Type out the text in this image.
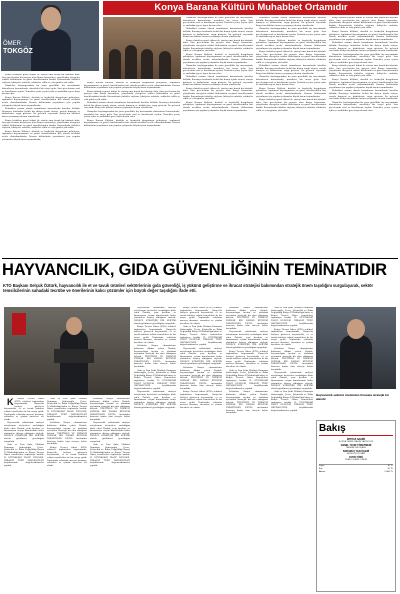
Konya Barana Kültürü Muhabbet Ortamıdır
ÖMER
TOKGÖZ

Konya türküleri genel itibari ile sözsüz ama buruk bir hüzünle dolu. Sıra gecelerinin bir parçası olan Konya baranaları, yüzyıllardır süregelen sohbet kültürünün en güzel örneklerinden biridir. Baranalarda türküler söylenir, hikâyeler anlatılır, sohbetler edilir ve eski günler yâd edilir.

Hizmetler başlangıcından bu yana genellikle kış mevsiminde düzenlenen baranalarda, misafirler bir araya gelir. Sıra gecelerinin usul ve kurallarına uyulur. Yemekler yenir, çaylar içilir ve muhabbet gece boyu devam eder.

Konya Barana Kültürü, dostluk ve kardeşlik duygularını pekiştiren, toplumsal dayanışmanın en güzel örneklerinden biri olarak nesilden nesile aktarılmaktadır. Barana kültürünün yaşatılması için yapılan çalışmalar büyük önem taşımaktadır.

Muhabbet ortamı olarak tanımlanan baranalarda kurallar bellidir. Baranaya katılanlar belirli bir düzen içinde oturur, sırayla konuşur ve birbirlerine saygı gösterir. Bu gelenek sayesinde Konya'nın kültürel mirası yaşamaya devam etmektedir.

Konya türküleri genel itibari ile sözsüz ama buruk bir hüzünle dolu. Sıra gecelerinin bir parçası olan Konya baranaları, yüzyıllardır süregelen sohbet kültürünün en güzel örneklerinden biridir. Baranalarda türküler söylenir, hikâyeler anlatılır, sohbetler edilir ve eski günler yâd edilir.

Konya Barana Kültürü, dostluk ve kardeşlik duygularını pekiştiren, toplumsal dayanışmanın en güzel örneklerinden biri olarak nesilden nesile aktarılmaktadır. Barana kültürünün yaşatılması için yapılan çalışmalar büyük önem taşımaktadır.

Hizmetler başlangıcından bu yana genellikle kış mevsiminde düzenlenen baranalarda, misafirler bir araya gelir. Sıra gecelerinin usul ve kurallarına uyulur. Yemekler yenir, çaylar içilir ve muhabbet gece boyu devam eder.

Muhabbet ortamı olarak tanımlanan baranalarda kurallar bellidir. Baranaya katılanlar belirli bir düzen içinde oturur, sırayla konuşur ve birbirlerine saygı gösterir. Bu gelenek sayesinde Konya'nın kültürel mirası yaşamaya devam etmektedir.

Konya türküleri genel itibari ile sözsüz ama buruk bir hüzünle dolu. Sıra gecelerinin bir parçası olan Konya baranaları, yüzyıllardır süregelen sohbet kültürünün en güzel örneklerinden biridir. Baranalarda türküler söylenir, hikâyeler anlatılır, sohbetler edilir ve eski günler yâd edilir.

Konya Barana Kültürü, dostluk ve kardeşlik duygularını pekiştiren, toplumsal dayanışmanın en güzel örneklerinden biri olarak nesilden nesile aktarılmaktadır. Barana kültürünün yaşatılması için yapılan çalışmalar büyük önem taşımaktadır.

Hizmetler başlangıcından bu yana genellikle kış mevsiminde düzenlenen baranalarda, misafirler bir araya gelir. Sıra gecelerinin usul ve kurallarına uyulur. Yemekler yenir, çaylar içilir ve muhabbet gece boyu devam eder.

Muhabbet ortamı olarak tanımlanan baranalarda kurallar bellidir. Baranaya katılanlar belirli bir düzen içinde oturur, sırayla konuşur ve birbirlerine saygı gösterir. Bu gelenek sayesinde Konya'nın kültürel mirası yaşamaya devam etmektedir.

Konya türküleri genel itibari ile sözsüz ama buruk bir hüzünle dolu. Sıra gecelerinin bir parçası olan Konya baranaları, yüzyıllardır süregelen sohbet kültürünün en güzel örneklerinden biridir. Baranalarda türküler söylenir, hikâyeler anlatılır, sohbetler edilir ve eski günler yâd edilir.

Konya Barana Kültürü, dostluk ve kardeşlik duygularını pekiştiren, toplumsal dayanışmanın en güzel örneklerinden biri olarak nesilden nesile aktarılmaktadır. Barana kültürünün yaşatılması için yapılan çalışmalar büyük önem taşımaktadır.

Konya Barana Kültürü, dostluk ve kardeşlik duygularını pekiştiren, toplumsal dayanışmanın en güzel örneklerinden biri olarak nesilden nesile aktarılmaktadır. Barana kültürünün yaşatılması için yapılan çalışmalar büyük önem taşımaktadır.

Konya türküleri genel itibari ile sözsüz ama buruk bir hüzünle dolu. Sıra gecelerinin bir parçası olan Konya baranaları, yüzyıllardır süregelen sohbet kültürünün en güzel örneklerinden biridir. Baranalarda türküler söylenir, hikâyeler anlatılır, sohbetler edilir ve eski günler yâd edilir.

Muhabbet ortamı olarak tanımlanan baranalarda kurallar bellidir. Baranaya katılanlar belirli bir düzen içinde oturur, sırayla konuşur ve birbirlerine saygı gösterir. Bu gelenek sayesinde Konya'nın kültürel mirası yaşamaya devam etmektedir.

Hizmetler başlangıcından bu yana genellikle kış mevsiminde düzenlenen baranalarda, misafirler bir araya gelir. Sıra gecelerinin usul ve kurallarına uyulur. Yemekler yenir, çaylar içilir ve muhabbet gece boyu devam eder.

Konya Barana Kültürü, dostluk ve kardeşlik duygularını pekiştiren, toplumsal dayanışmanın en güzel örneklerinden biri olarak nesilden nesile aktarılmaktadır. Barana kültürünün yaşatılması için yapılan çalışmalar büyük önem taşımaktadır.

Muhabbet ortamı olarak tanımlanan baranalarda kurallar bellidir. Baranaya katılanlar belirli bir düzen içinde oturur, sırayla konuşur ve birbirlerine saygı gösterir. Bu gelenek sayesinde Konya'nın kültürel mirası yaşamaya devam etmektedir.

Hizmetler başlangıcından bu yana genellikle kış mevsiminde düzenlenen baranalarda, misafirler bir araya gelir. Sıra gecelerinin usul ve kurallarına uyulur. Yemekler yenir, çaylar içilir ve muhabbet gece boyu devam eder.

Konya Barana Kültürü, dostluk ve kardeşlik duygularını pekiştiren, toplumsal dayanışmanın en güzel örneklerinden biri olarak nesilden nesile aktarılmaktadır. Barana kültürünün yaşatılması için yapılan çalışmalar büyük önem taşımaktadır.

Konya türküleri genel itibari ile sözsüz ama buruk bir hüzünle dolu. Sıra gecelerinin bir parçası olan Konya baranaları, yüzyıllardır süregelen sohbet kültürünün en güzel örneklerinden biridir. Baranalarda türküler söylenir, hikâyeler anlatılır, sohbetler edilir ve eski günler yâd edilir.

Muhabbet ortamı olarak tanımlanan baranalarda kurallar bellidir. Baranaya katılanlar belirli bir düzen içinde oturur, sırayla konuşur ve birbirlerine saygı gösterir. Bu gelenek sayesinde Konya'nın kültürel mirası yaşamaya devam etmektedir.

Hizmetler başlangıcından bu yana genellikle kış mevsiminde düzenlenen baranalarda, misafirler bir araya gelir. Sıra gecelerinin usul ve kurallarına uyulur. Yemekler yenir, çaylar içilir ve muhabbet gece boyu devam eder.

Konya Barana Kültürü, dostluk ve kardeşlik duygularını pekiştiren, toplumsal dayanışmanın en güzel örneklerinden biri olarak nesilden nesile aktarılmaktadır. Barana kültürünün yaşatılması için yapılan çalışmalar büyük önem taşımaktadır.

Konya türküleri genel itibari ile sözsüz ama buruk bir hüzünle dolu. Sıra gecelerinin bir parçası olan Konya baranaları, yüzyıllardır süregelen sohbet kültürünün en güzel örneklerinden biridir. Baranalarda türküler söylenir, hikâyeler anlatılır, sohbetler edilir ve eski günler yâd edilir.

Konya türküleri genel itibari ile sözsüz ama buruk bir hüzünle dolu. Sıra gecelerinin bir parçası olan Konya baranaları, yüzyıllardır süregelen sohbet kültürünün en güzel örneklerinden biridir. Baranalarda türküler söylenir, hikâyeler anlatılır, sohbetler edilir ve eski günler yâd edilir.

Konya Barana Kültürü, dostluk ve kardeşlik duygularını pekiştiren, toplumsal dayanışmanın en güzel örneklerinden biri olarak nesilden nesile aktarılmaktadır. Barana kültürünün yaşatılması için yapılan çalışmalar büyük önem taşımaktadır.

Muhabbet ortamı olarak tanımlanan baranalarda kurallar bellidir. Baranaya katılanlar belirli bir düzen içinde oturur, sırayla konuşur ve birbirlerine saygı gösterir. Bu gelenek sayesinde Konya'nın kültürel mirası yaşamaya devam etmektedir.

Hizmetler başlangıcından bu yana genellikle kış mevsiminde düzenlenen baranalarda, misafirler bir araya gelir. Sıra gecelerinin usul ve kurallarına uyulur. Yemekler yenir, çaylar içilir ve muhabbet gece boyu devam eder.

Konya türküleri genel itibari ile sözsüz ama buruk bir hüzünle dolu. Sıra gecelerinin bir parçası olan Konya baranaları, yüzyıllardır süregelen sohbet kültürünün en güzel örneklerinden biridir. Baranalarda türküler söylenir, hikâyeler anlatılır, sohbetler edilir ve eski günler yâd edilir.

Konya Barana Kültürü, dostluk ve kardeşlik duygularını pekiştiren, toplumsal dayanışmanın en güzel örneklerinden biri olarak nesilden nesile aktarılmaktadır. Barana kültürünün yaşatılması için yapılan çalışmalar büyük önem taşımaktadır.

Muhabbet ortamı olarak tanımlanan baranalarda kurallar bellidir. Baranaya katılanlar belirli bir düzen içinde oturur, sırayla konuşur ve birbirlerine saygı gösterir. Bu gelenek sayesinde Konya'nın kültürel mirası yaşamaya devam etmektedir.

Hizmetler başlangıcından bu yana genellikle kış mevsiminde düzenlenen baranalarda, misafirler bir araya gelir. Sıra gecelerinin usul ve kurallarına uyulur. Yemekler yenir, çaylar içilir ve muhabbet gece boyu devam eder.

HAYVANCILIK, GIDA GÜVENLİĞİNİN TEMİNATIDIR
KTO Başkanı Selçuk Öztürk, hayvancılık ile et ve tavuk ürünleri sektörlerinin gıda güvenliği, iş yükünü geliştirme ve ihracat stratejisi bakımından stratejik önem taşıdığını vurgulayarak, sektör temsilcilerinin sahadaki tecrübe ve önerilerinin kalıcı çözümler için büyük değer taşıdığını ifade etti.

K Konya Ticaret Odası (KTO) sektörel toplantıları kapsamında, Konya'da faaliyet gösteren hayvancılık, et ve tavuk ürünleri sektör temsilcileri ile bir araya geldi. Toplantıda sektörün mevcut durumu, sorunları ve çözüm önerileri ele alındı.

Hayvancılık sektöründe maliyet artışlarının üreticileri zorladığını ifade eden Öztürk, yem fiyatları ve finansmana erişim konularında kalıcı çözümlere ihtiyaç olduğunu söyledi. DERECE STRATEJİK BİR SEKTÖR olarak görülmesi gerektiğini vurguladı.

Gıda ve Yem Şube Müdürü Ramazan Sabırsıoğlu, Çevre, Şehircilik ve İklim Değişikliği Konya İl Müdürlüğü'nden ve Konya Ticaret Odası temsilcileri toplantıya katıldı. İL DÜNYADAKİ TALEP DENGESİ, İHRACAT TÜRÜ HAYVANCILIĞI başlıklarında değerlendirmeler yapıldı.

Gıda ve Yem Şube Müdürü Ramazan Sabırsıoğlu, Çevre, Şehircilik ve İklim Değişikliği Konya İl Müdürlüğü'nden ve Konya Ticaret Odası temsilcileri toplantıya katıldı. İL DÜNYADAKİ TALEP DENGESİ, İHRACAT TÜRÜ HAYVANCILIĞI başlıklarında değerlendirmeler yapıldı.

Sektörün Konya ekonomisine katkısına dikkat çeken Öztürk, hayvancılığın üretim ve istihdam açısından stratejik bir alan olduğunu belirtti. ÜRETİMDE VE İHRACAT YAPMAK BİR ZAMAN KÜNYESİ TARAFINDAN DEĞİL; üretimden ihracata kadar tüm süreçte kalite önemlidir.

Konya Ticaret Odası (KTO) sektörel toplantıları kapsamında, Konya'da faaliyet gösteren hayvancılık, et ve tavuk ürünleri sektör temsilcileri ile bir araya geldi. Toplantıda sektörün mevcut durumu, sorunları ve çözüm önerileri ele alındı.

Sektörün Konya ekonomisine katkısına dikkat çeken Öztürk, hayvancılığın üretim ve istihdam açısından stratejik bir alan olduğunu belirtti. ÜRETİMDE VE İHRACAT YAPMAK BİR ZAMAN KÜNYESİ TARAFINDAN DEĞİL; üretimden ihracata kadar tüm süreçte kalite önemlidir.

Hayvancılık sektöründe maliyet artışlarının üreticileri zorladığını ifade eden Öztürk, yem fiyatları ve finansmana erişim konularında kalıcı çözümlere ihtiyaç olduğunu söyledi. DERECE STRATEJİK BİR SEKTÖR olarak görülmesi gerektiğini vurguladı.

Gıda ve Yem Şube Müdürü Ramazan Sabırsıoğlu, Çevre, Şehircilik ve İklim Değişikliği Konya İl Müdürlüğü'nden ve Konya Ticaret Odası temsilcileri toplantıya katıldı. İL DÜNYADAKİ TALEP DENGESİ, İHRACAT TÜRÜ HAYVANCILIĞI başlıklarında değerlendirmeler yapıldı.

Hayvancılık sektöründe maliyet artışlarının üreticileri zorladığını ifade eden Öztürk, yem fiyatları ve finansmana erişim konularında kalıcı çözümlere ihtiyaç olduğunu söyledi. DERECE STRATEJİK BİR SEKTÖR olarak görülmesi gerektiğini vurguladı.

Konya Ticaret Odası (KTO) sektörel toplantıları kapsamında, Konya'da faaliyet gösteren hayvancılık, et ve tavuk ürünleri sektör temsilcileri ile bir araya geldi. Toplantıda sektörün mevcut durumu, sorunları ve çözüm önerileri ele alındı.

Sektörün Konya ekonomisine katkısına dikkat çeken Öztürk, hayvancılığın üretim ve istihdam açısından stratejik bir alan olduğunu belirtti. ÜRETİMDE VE İHRACAT YAPMAK BİR ZAMAN KÜNYESİ TARAFINDAN DEĞİL; üretimden ihracata kadar tüm süreçte kalite önemlidir.

Gıda ve Yem Şube Müdürü Ramazan Sabırsıoğlu, Çevre, Şehircilik ve İklim Değişikliği Konya İl Müdürlüğü'nden ve Konya Ticaret Odası temsilcileri toplantıya katıldı. İL DÜNYADAKİ TALEP DENGESİ, İHRACAT TÜRÜ HAYVANCILIĞI başlıklarında değerlendirmeler yapıldı.

Hayvancılık sektöründe maliyet artışlarının üreticileri zorladığını ifade eden Öztürk, yem fiyatları ve finansmana erişim konularında kalıcı çözümlere ihtiyaç olduğunu söyledi. DERECE STRATEJİK BİR SEKTÖR olarak görülmesi gerektiğini vurguladı.

Konya Ticaret Odası (KTO) sektörel toplantıları kapsamında, Konya'da faaliyet gösteren hayvancılık, et ve tavuk ürünleri sektör temsilcileri ile bir araya geldi. Toplantıda sektörün mevcut durumu, sorunları ve çözüm önerileri ele alındı.

Gıda ve Yem Şube Müdürü Ramazan Sabırsıoğlu, Çevre, Şehircilik ve İklim Değişikliği Konya İl Müdürlüğü'nden ve Konya Ticaret Odası temsilcileri toplantıya katıldı. İL DÜNYADAKİ TALEP DENGESİ, İHRACAT TÜRÜ HAYVANCILIĞI başlıklarında değerlendirmeler yapıldı.

Hayvancılık sektöründe maliyet artışlarının üreticileri zorladığını ifade eden Öztürk, yem fiyatları ve finansmana erişim konularında kalıcı çözümlere ihtiyaç olduğunu söyledi. DERECE STRATEJİK BİR SEKTÖR olarak görülmesi gerektiğini vurguladı.

Sektörün Konya ekonomisine katkısına dikkat çeken Öztürk, hayvancılığın üretim ve istihdam açısından stratejik bir alan olduğunu belirtti. ÜRETİMDE VE İHRACAT YAPMAK BİR ZAMAN KÜNYESİ TARAFINDAN DEĞİL; üretimden ihracata kadar tüm süreçte kalite önemlidir.

Konya Ticaret Odası (KTO) sektörel toplantıları kapsamında, Konya'da faaliyet gösteren hayvancılık, et ve tavuk ürünleri sektör temsilcileri ile bir araya geldi. Toplantıda sektörün mevcut durumu, sorunları ve çözüm önerileri ele alındı.

Sektörün Konya ekonomisine katkısına dikkat çeken Öztürk, hayvancılığın üretim ve istihdam açısından stratejik bir alan olduğunu belirtti. ÜRETİMDE VE İHRACAT YAPMAK BİR ZAMAN KÜNYESİ TARAFINDAN DEĞİL; üretimden ihracata kadar tüm süreçte kalite önemlidir.

Hayvancılık sektöründe maliyet artışlarının üreticileri zorladığını ifade eden Öztürk, yem fiyatları ve finansmana erişim konularında kalıcı çözümlere ihtiyaç olduğunu söyledi. DERECE STRATEJİK BİR SEKTÖR olarak görülmesi gerektiğini vurguladı.

Konya Ticaret Odası (KTO) sektörel toplantıları kapsamında, Konya'da faaliyet gösteren hayvancılık, et ve tavuk ürünleri sektör temsilcileri ile bir araya geldi. Toplantıda sektörün mevcut durumu, sorunları ve çözüm önerileri ele alındı.

Gıda ve Yem Şube Müdürü Ramazan Sabırsıoğlu, Çevre, Şehircilik ve İklim Değişikliği Konya İl Müdürlüğü'nden ve Konya Ticaret Odası temsilcileri toplantıya katıldı. İL DÜNYADAKİ TALEP DENGESİ, İHRACAT TÜRÜ HAYVANCILIĞI başlıklarında değerlendirmeler yapıldı.

Sektörün Konya ekonomisine katkısına dikkat çeken Öztürk, hayvancılığın üretim ve istihdam açısından stratejik bir alan olduğunu belirtti. ÜRETİMDE VE İHRACAT YAPMAK BİR ZAMAN KÜNYESİ TARAFINDAN DEĞİL; üretimden ihracata kadar tüm süreçte kalite önemlidir.

Gıda ve Yem Şube Müdürü Ramazan Sabırsıoğlu, Çevre, Şehircilik ve İklim Değişikliği Konya İl Müdürlüğü'nden ve Konya Ticaret Odası temsilcileri toplantıya katıldı. İL DÜNYADAKİ TALEP DENGESİ, İHRACAT TÜRÜ HAYVANCILIĞI başlıklarında değerlendirmeler yapıldı.

Konya Ticaret Odası (KTO) sektörel toplantıları kapsamında, Konya'da faaliyet gösteren hayvancılık, et ve tavuk ürünleri sektör temsilcileri ile bir araya geldi. Toplantıda sektörün mevcut durumu, sorunları ve çözüm önerileri ele alındı.

Sektörün Konya ekonomisine katkısına dikkat çeken Öztürk, hayvancılığın üretim ve istihdam açısından stratejik bir alan olduğunu belirtti. ÜRETİMDE VE İHRACAT YAPMAK BİR ZAMAN KÜNYESİ TARAFINDAN DEĞİL; üretimden ihracata kadar tüm süreçte kalite önemlidir.

Hayvancılık sektöründe maliyet artışlarının üreticileri zorladığını ifade eden Öztürk, yem fiyatları ve finansmana erişim konularında kalıcı çözümlere ihtiyaç olduğunu söyledi. DERECE STRATEJİK BİR SEKTÖR olarak görülmesi gerektiğini vurguladı.

Gıda ve Yem Şube Müdürü Ramazan Sabırsıoğlu, Çevre, Şehircilik ve İklim Değişikliği Konya İl Müdürlüğü'nden ve Konya Ticaret Odası temsilcileri toplantıya katıldı. İL DÜNYADAKİ TALEP DENGESİ, İHRACAT TÜRÜ HAYVANCILIĞI başlıklarında değerlendirmeler yapıldı.

Hayvancılık sektörü üretimden ihracata stratejik bir alandır
Bakış
İMTİYAZ SAHİBİ
KONYA YEREL BASIN YAYINCILIK
GENEL YAYIN YÖNETMENİ
MEHMET ALİ KAYA
SORUMLU YAZI İŞLERİ
HÜSEYİN YILMAZ
YAYIN TÜRÜ
YEREL SÜRELİ YAYIN
Fiyatı	10 TL
İlan	70 TL
Abone	1.000 TL
